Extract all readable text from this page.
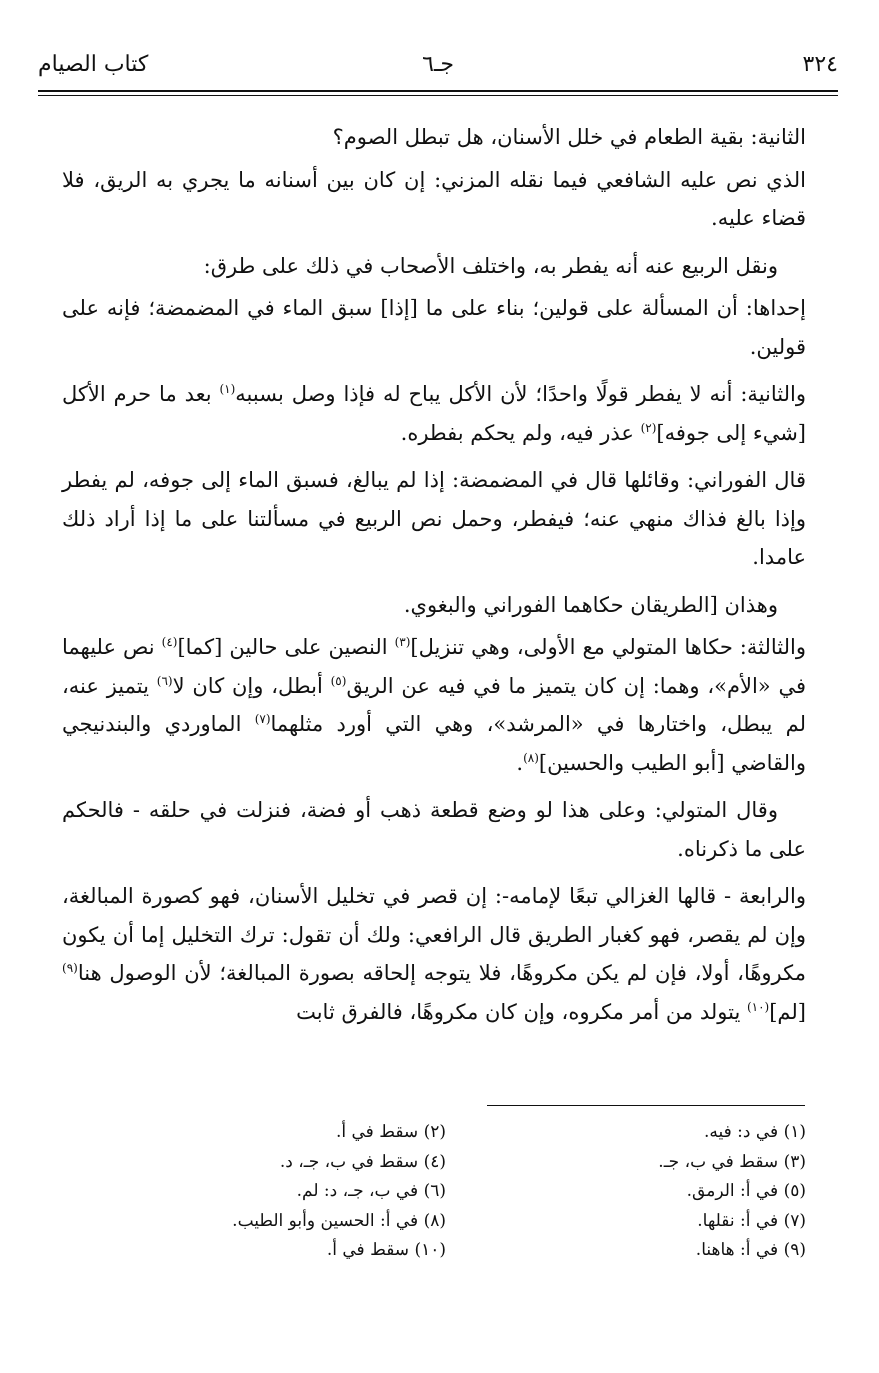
٣٢٤
جـ٦
كتاب الصيام

الثانية: بقية الطعام في خلل الأسنان، هل تبطل الصوم؟

الذي نص عليه الشافعي فيما نقله المزني: إن كان بين أسنانه ما يجري به الريق، فلا قضاء عليه.

ونقل الربيع عنه أنه يفطر به، واختلف الأصحاب في ذلك على طرق:

إحداها: أن المسألة على قولين؛ بناء على ما [إذا] سبق الماء في المضمضة؛ فإنه على قولين.

والثانية: أنه لا يفطر قولًا واحدًا؛ لأن الأكل يباح له فإذا وصل بسببه$^{(١)}$ بعد ما حرم الأكل [شيء إلى جوفه]$^{(٢)}$ عذر فيه، ولم يحكم بفطره.

قال الفوراني: وقائلها قال في المضمضة: إذا لم يبالغ، فسبق الماء إلى جوفه، لم يفطر وإذا بالغ فذاك منهي عنه؛ فيفطر، وحمل نص الربيع في مسألتنا على ما إذا أراد ذلك عامدا.

وهذان [الطريقان حكاهما الفوراني والبغوي.

والثالثة: حكاها المتولي مع الأولى، وهي تنزيل]$^{(٣)}$ النصين على حالين [كما]$^{(٤)}$ نص عليهما في «الأم»، وهما: إن كان يتميز ما في فيه عن الريق$^{(٥)}$ أبطل، وإن كان لا$^{(٦)}$ يتميز عنه، لم يبطل، واختارها في «المرشد»، وهي التي أورد مثلهما$^{(٧)}$ الماوردي والبندنيجي والقاضي [أبو الطيب والحسين]$^{(٨)}$.

وقال المتولي: وعلى هذا لو وضع قطعة ذهب أو فضة، فنزلت في حلقه - فالحكم على ما ذكرناه.

والرابعة - قالها الغزالي تبعًا لإمامه-: إن قصر في تخليل الأسنان، فهو كصورة المبالغة، وإن لم يقصر، فهو كغبار الطريق قال الرافعي: ولك أن تقول: ترك التخليل إما أن يكون مكروهًا، أولا، فإن لم يكن مكروهًا، فلا يتوجه إلحاقه بصورة المبالغة؛ لأن الوصول هنا$^{(٩)}$ [لم]$^{(١٠)}$ يتولد من أمر مكروه، وإن كان مكروهًا، فالفرق ثابت

(١) في د: فيه.
(٢) سقط في أ.
(٣) سقط في ب، جـ.
(٤) سقط في ب، جـ، د.
(٥) في أ: الرمق.
(٦) في ب، جـ، د: لم.
(٧) في أ: نقلها.
(٨) في أ: الحسين وأبو الطيب.
(٩) في أ: هاهنا.
(١٠) سقط في أ.
